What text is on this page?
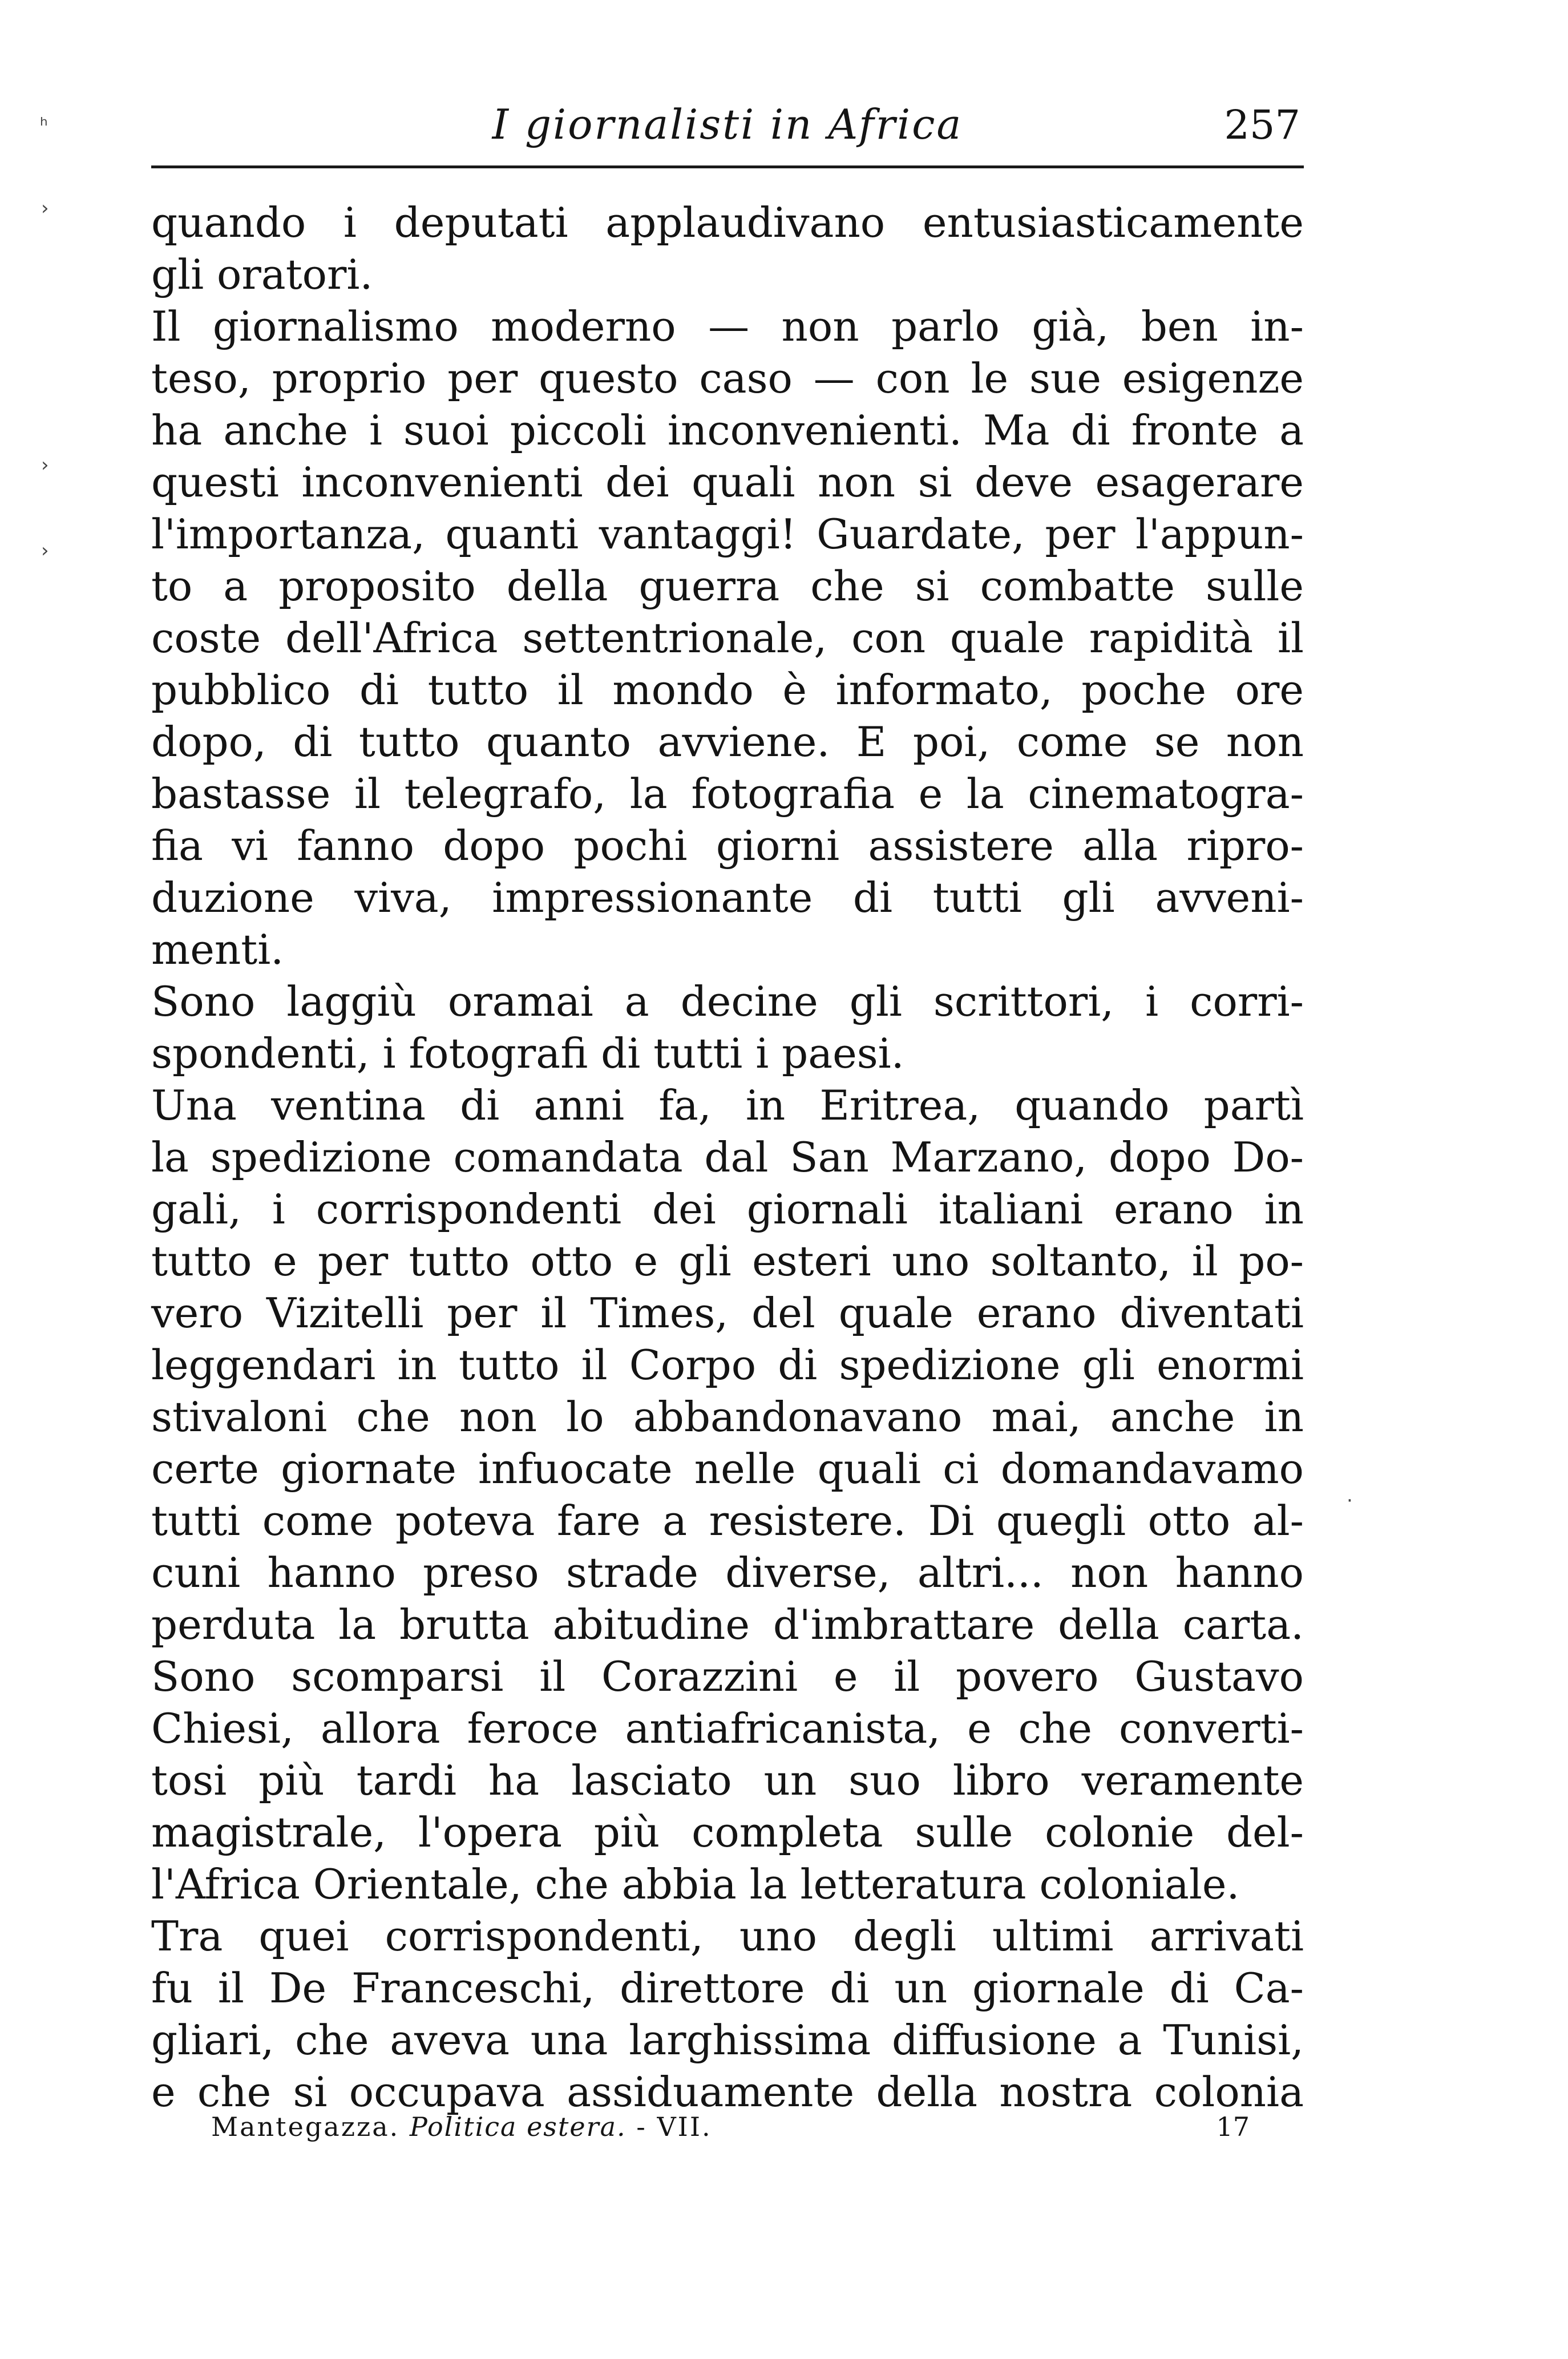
I giornalisti in Africa	257
quando i deputati applaudivano entusiasticamente
gli oratori.
Il giornalismo moderno — non parlo già, ben in-
teso, proprio per questo caso — con le sue esigenze
ha anche i suoi piccoli inconvenienti. Ma di fronte a
questi inconvenienti dei quali non si deve esagerare
l'importanza, quanti vantaggi! Guardate, per l'appun-
to a proposito della guerra che si combatte sulle
coste dell'Africa settentrionale, con quale rapidità il
pubblico di tutto il mondo è informato, poche ore
dopo, di tutto quanto avviene. E poi, come se non
bastasse il telegrafo, la fotografia e la cinematogra-
fia vi fanno dopo pochi giorni assistere alla ripro-
duzione viva, impressionante di tutti gli avveni-
menti.
Sono laggiù oramai a decine gli scrittori, i corri-
spondenti, i fotografi di tutti i paesi.
Una ventina di anni fa, in Eritrea, quando partì
la spedizione comandata dal San Marzano, dopo Do-
gali, i corrispondenti dei giornali italiani erano in
tutto e per tutto otto e gli esteri uno soltanto, il po-
vero Vizitelli per il Times, del quale erano diventati
leggendari in tutto il Corpo di spedizione gli enormi
stivaloni che non lo abbandonavano mai, anche in
certe giornate infuocate nelle quali ci domandavamo
tutti come poteva fare a resistere. Di quegli otto al-
cuni hanno preso strade diverse, altri... non hanno
perduta la brutta abitudine d'imbrattare della carta.
Sono scomparsi il Corazzini e il povero Gustavo
Chiesi, allora feroce antiafricanista, e che converti-
tosi più tardi ha lasciato un suo libro veramente
magistrale, l'opera più completa sulle colonie del-
l'Africa Orientale, che abbia la letteratura coloniale.
Tra quei corrispondenti, uno degli ultimi arrivati
fu il De Franceschi, direttore di un giornale di Ca-
gliari, che aveva una larghissima diffusione a Tunisi,
e che si occupava assiduamente della nostra colonia
Mantegazza. Politica estera. - VII.	17
ʰ
›
›
›
·
